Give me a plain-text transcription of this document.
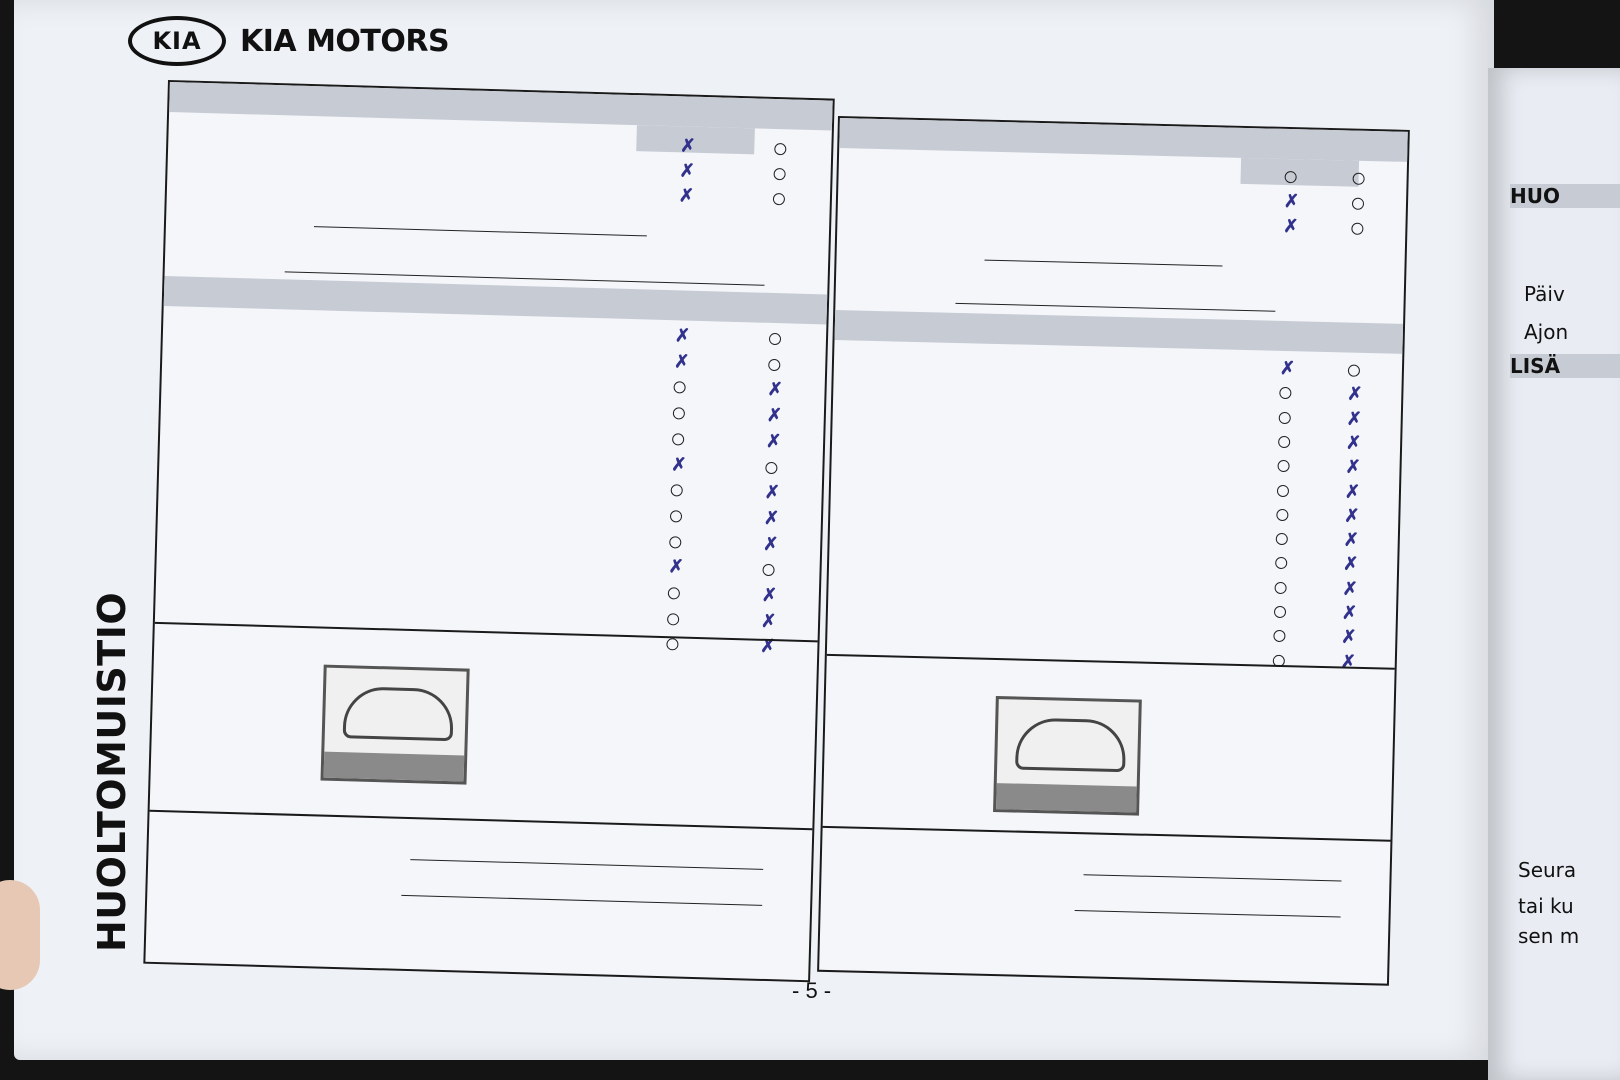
HUO
Päiv
Ajon
LISÄ
Seura
tai ku
sen m
KIA	KIA MOTORS
HUOLTOMUISTIO
✗
✗
✗
✗
✗
✗
✗
✗
✗
✗
✗
✗
✗
✗
✗
✗
✗
✗
✗
✗
✗
✗
✗
✗
✗
✗
✗
✗
✗
✗
✗
- 5 -
